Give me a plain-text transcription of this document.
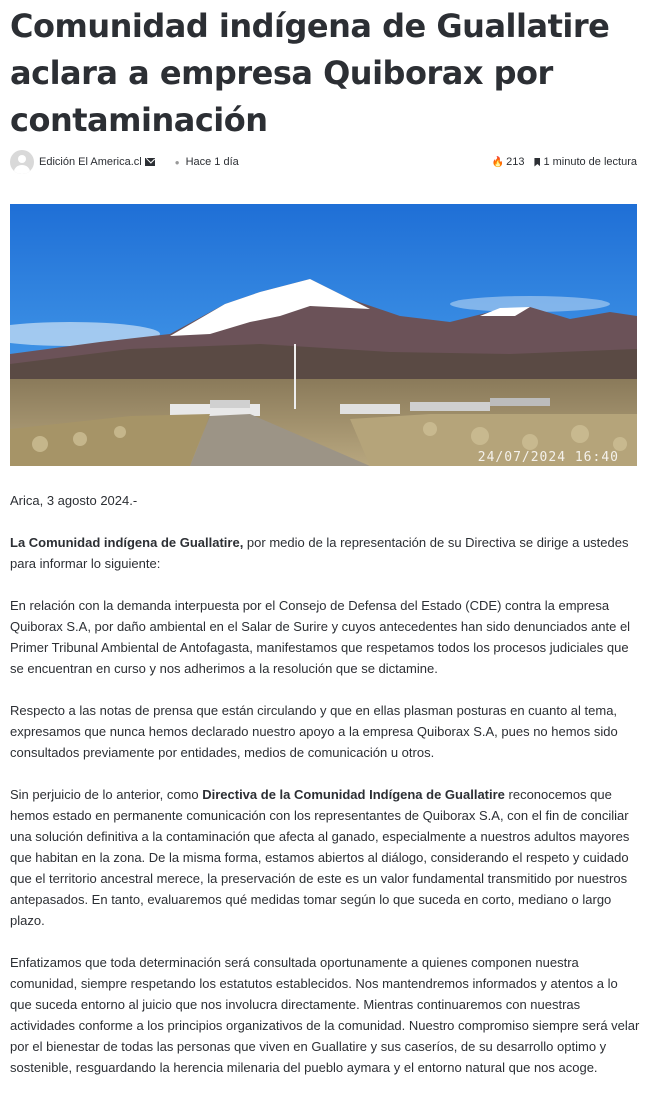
Comunidad indígena de Guallatire aclara a empresa Quiborax por contaminación
Edición El America.cl	● Hace 1 día	🔥 213 1 minuto de lectura
24/07/2024 16:40

Arica, 3 agosto 2024.-

La Comunidad indígena de Guallatire, por medio de la representación de su Directiva se dirige a ustedes para informar lo siguiente:

En relación con la demanda interpuesta por el Consejo de Defensa del Estado (CDE) contra la empresa Quiborax S.A, por daño ambiental en el Salar de Surire y cuyos antecedentes han sido denunciados ante el Primer Tribunal Ambiental de Antofagasta, manifestamos que respetamos todos los procesos judiciales que se encuentran en curso y nos adherimos a la resolución que se dictamine.

Respecto a las notas de prensa que están circulando y que en ellas plasman posturas en cuanto al tema, expresamos que nunca hemos declarado nuestro apoyo a la empresa Quiborax S.A, pues no hemos sido consultados previamente por entidades, medios de comunicación u otros.

Sin perjuicio de lo anterior, como Directiva de la Comunidad Indígena de Guallatire reconocemos que hemos estado en permanente comunicación con los representantes de Quiborax S.A, con el fin de conciliar una solución definitiva a la contaminación que afecta al ganado, especialmente a nuestros adultos mayores que habitan en la zona. De la misma forma, estamos abiertos al diálogo, considerando el respeto y cuidado que el territorio ancestral merece, la preservación de este es un valor fundamental transmitido por nuestros antepasados. En tanto, evaluaremos qué medidas tomar según lo que suceda en corto, mediano o largo plazo.

Enfatizamos que toda determinación será consultada oportunamente a quienes componen nuestra comunidad, siempre respetando los estatutos establecidos. Nos mantendremos informados y atentos a lo que suceda entorno al juicio que nos involucra directamente. Mientras continuaremos con nuestras actividades conforme a los principios organizativos de la comunidad. Nuestro compromiso siempre será velar por el bienestar de todas las personas que viven en Guallatire y sus caseríos, de su desarrollo optimo y sostenible, resguardando la herencia milenaria del pueblo aymara y el entorno natural que nos acoge.
